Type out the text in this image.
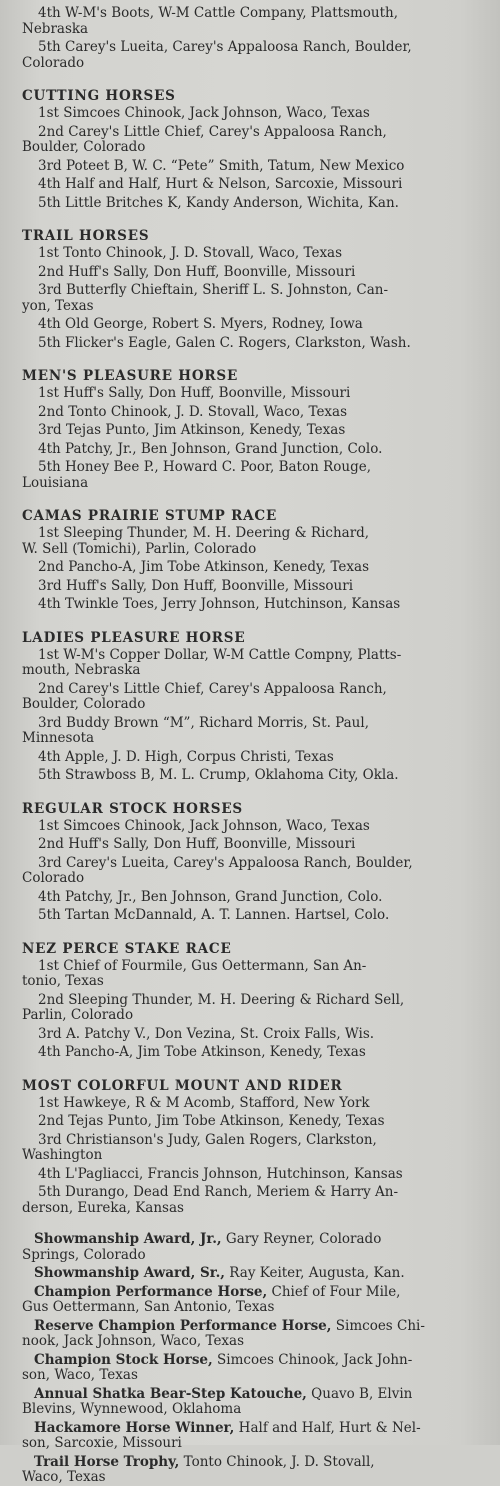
4th W-M's Boots, W-M Cattle Company, Plattsmouth,
Nebraska
5th Carey's Lueita, Carey's Appaloosa Ranch, Boulder,
Colorado
CUTTING HORSES
1st Simcoes Chinook, Jack Johnson, Waco, Texas
2nd Carey's Little Chief, Carey's Appaloosa Ranch,
Boulder, Colorado
3rd Poteet B, W. C. “Pete” Smith, Tatum, New Mexico
4th Half and Half, Hurt & Nelson, Sarcoxie, Missouri
5th Little Britches K, Kandy Anderson, Wichita, Kan.
TRAIL HORSES
1st Tonto Chinook, J. D. Stovall, Waco, Texas
2nd Huff's Sally, Don Huff, Boonville, Missouri
3rd Butterfly Chieftain, Sheriff L. S. Johnston, Can-
yon, Texas
4th Old George, Robert S. Myers, Rodney, Iowa
5th Flicker's Eagle, Galen C. Rogers, Clarkston, Wash.
MEN'S PLEASURE HORSE
1st Huff's Sally, Don Huff, Boonville, Missouri
2nd Tonto Chinook, J. D. Stovall, Waco, Texas
3rd Tejas Punto, Jim Atkinson, Kenedy, Texas
4th Patchy, Jr., Ben Johnson, Grand Junction, Colo.
5th Honey Bee P., Howard C. Poor, Baton Rouge,
Louisiana
CAMAS PRAIRIE STUMP RACE
1st Sleeping Thunder, M. H. Deering & Richard,
W. Sell (Tomichi), Parlin, Colorado
2nd Pancho-A, Jim Tobe Atkinson, Kenedy, Texas
3rd Huff's Sally, Don Huff, Boonville, Missouri
4th Twinkle Toes, Jerry Johnson, Hutchinson, Kansas
LADIES PLEASURE HORSE
1st W-M's Copper Dollar, W-M Cattle Compny, Platts-
mouth, Nebraska
2nd Carey's Little Chief, Carey's Appaloosa Ranch,
Boulder, Colorado
3rd Buddy Brown “M”, Richard Morris, St. Paul,
Minnesota
4th Apple, J. D. High, Corpus Christi, Texas
5th Strawboss B, M. L. Crump, Oklahoma City, Okla.
REGULAR STOCK HORSES
1st Simcoes Chinook, Jack Johnson, Waco, Texas
2nd Huff's Sally, Don Huff, Boonville, Missouri
3rd Carey's Lueita, Carey's Appaloosa Ranch, Boulder,
Colorado
4th Patchy, Jr., Ben Johnson, Grand Junction, Colo.
5th Tartan McDannald, A. T. Lannen. Hartsel, Colo.
NEZ PERCE STAKE RACE
1st Chief of Fourmile, Gus Oettermann, San An-
tonio, Texas
2nd Sleeping Thunder, M. H. Deering & Richard Sell,
Parlin, Colorado
3rd A. Patchy V., Don Vezina, St. Croix Falls, Wis.
4th Pancho-A, Jim Tobe Atkinson, Kenedy, Texas
MOST COLORFUL MOUNT AND RIDER
1st Hawkeye, R & M Acomb, Stafford, New York
2nd Tejas Punto, Jim Tobe Atkinson, Kenedy, Texas
3rd Christianson's Judy, Galen Rogers, Clarkston,
Washington
4th L'Pagliacci, Francis Johnson, Hutchinson, Kansas
5th Durango, Dead End Ranch, Meriem & Harry An-
derson, Eureka, Kansas
Showmanship Award, Jr., Gary Reyner, Colorado
Springs, Colorado
Showmanship Award, Sr., Ray Keiter, Augusta, Kan.
Champion Performance Horse, Chief of Four Mile,
Gus Oettermann, San Antonio, Texas
Reserve Champion Performance Horse, Simcoes Chi-
nook, Jack Johnson, Waco, Texas
Champion Stock Horse, Simcoes Chinook, Jack John-
son, Waco, Texas
Annual Shatka Bear-Step Katouche, Quavo B, Elvin
Blevins, Wynnewood, Oklahoma
Hackamore Horse Winner, Half and Half, Hurt & Nel-
son, Sarcoxie, Missouri
Trail Horse Trophy, Tonto Chinook, J. D. Stovall,
Waco, Texas
